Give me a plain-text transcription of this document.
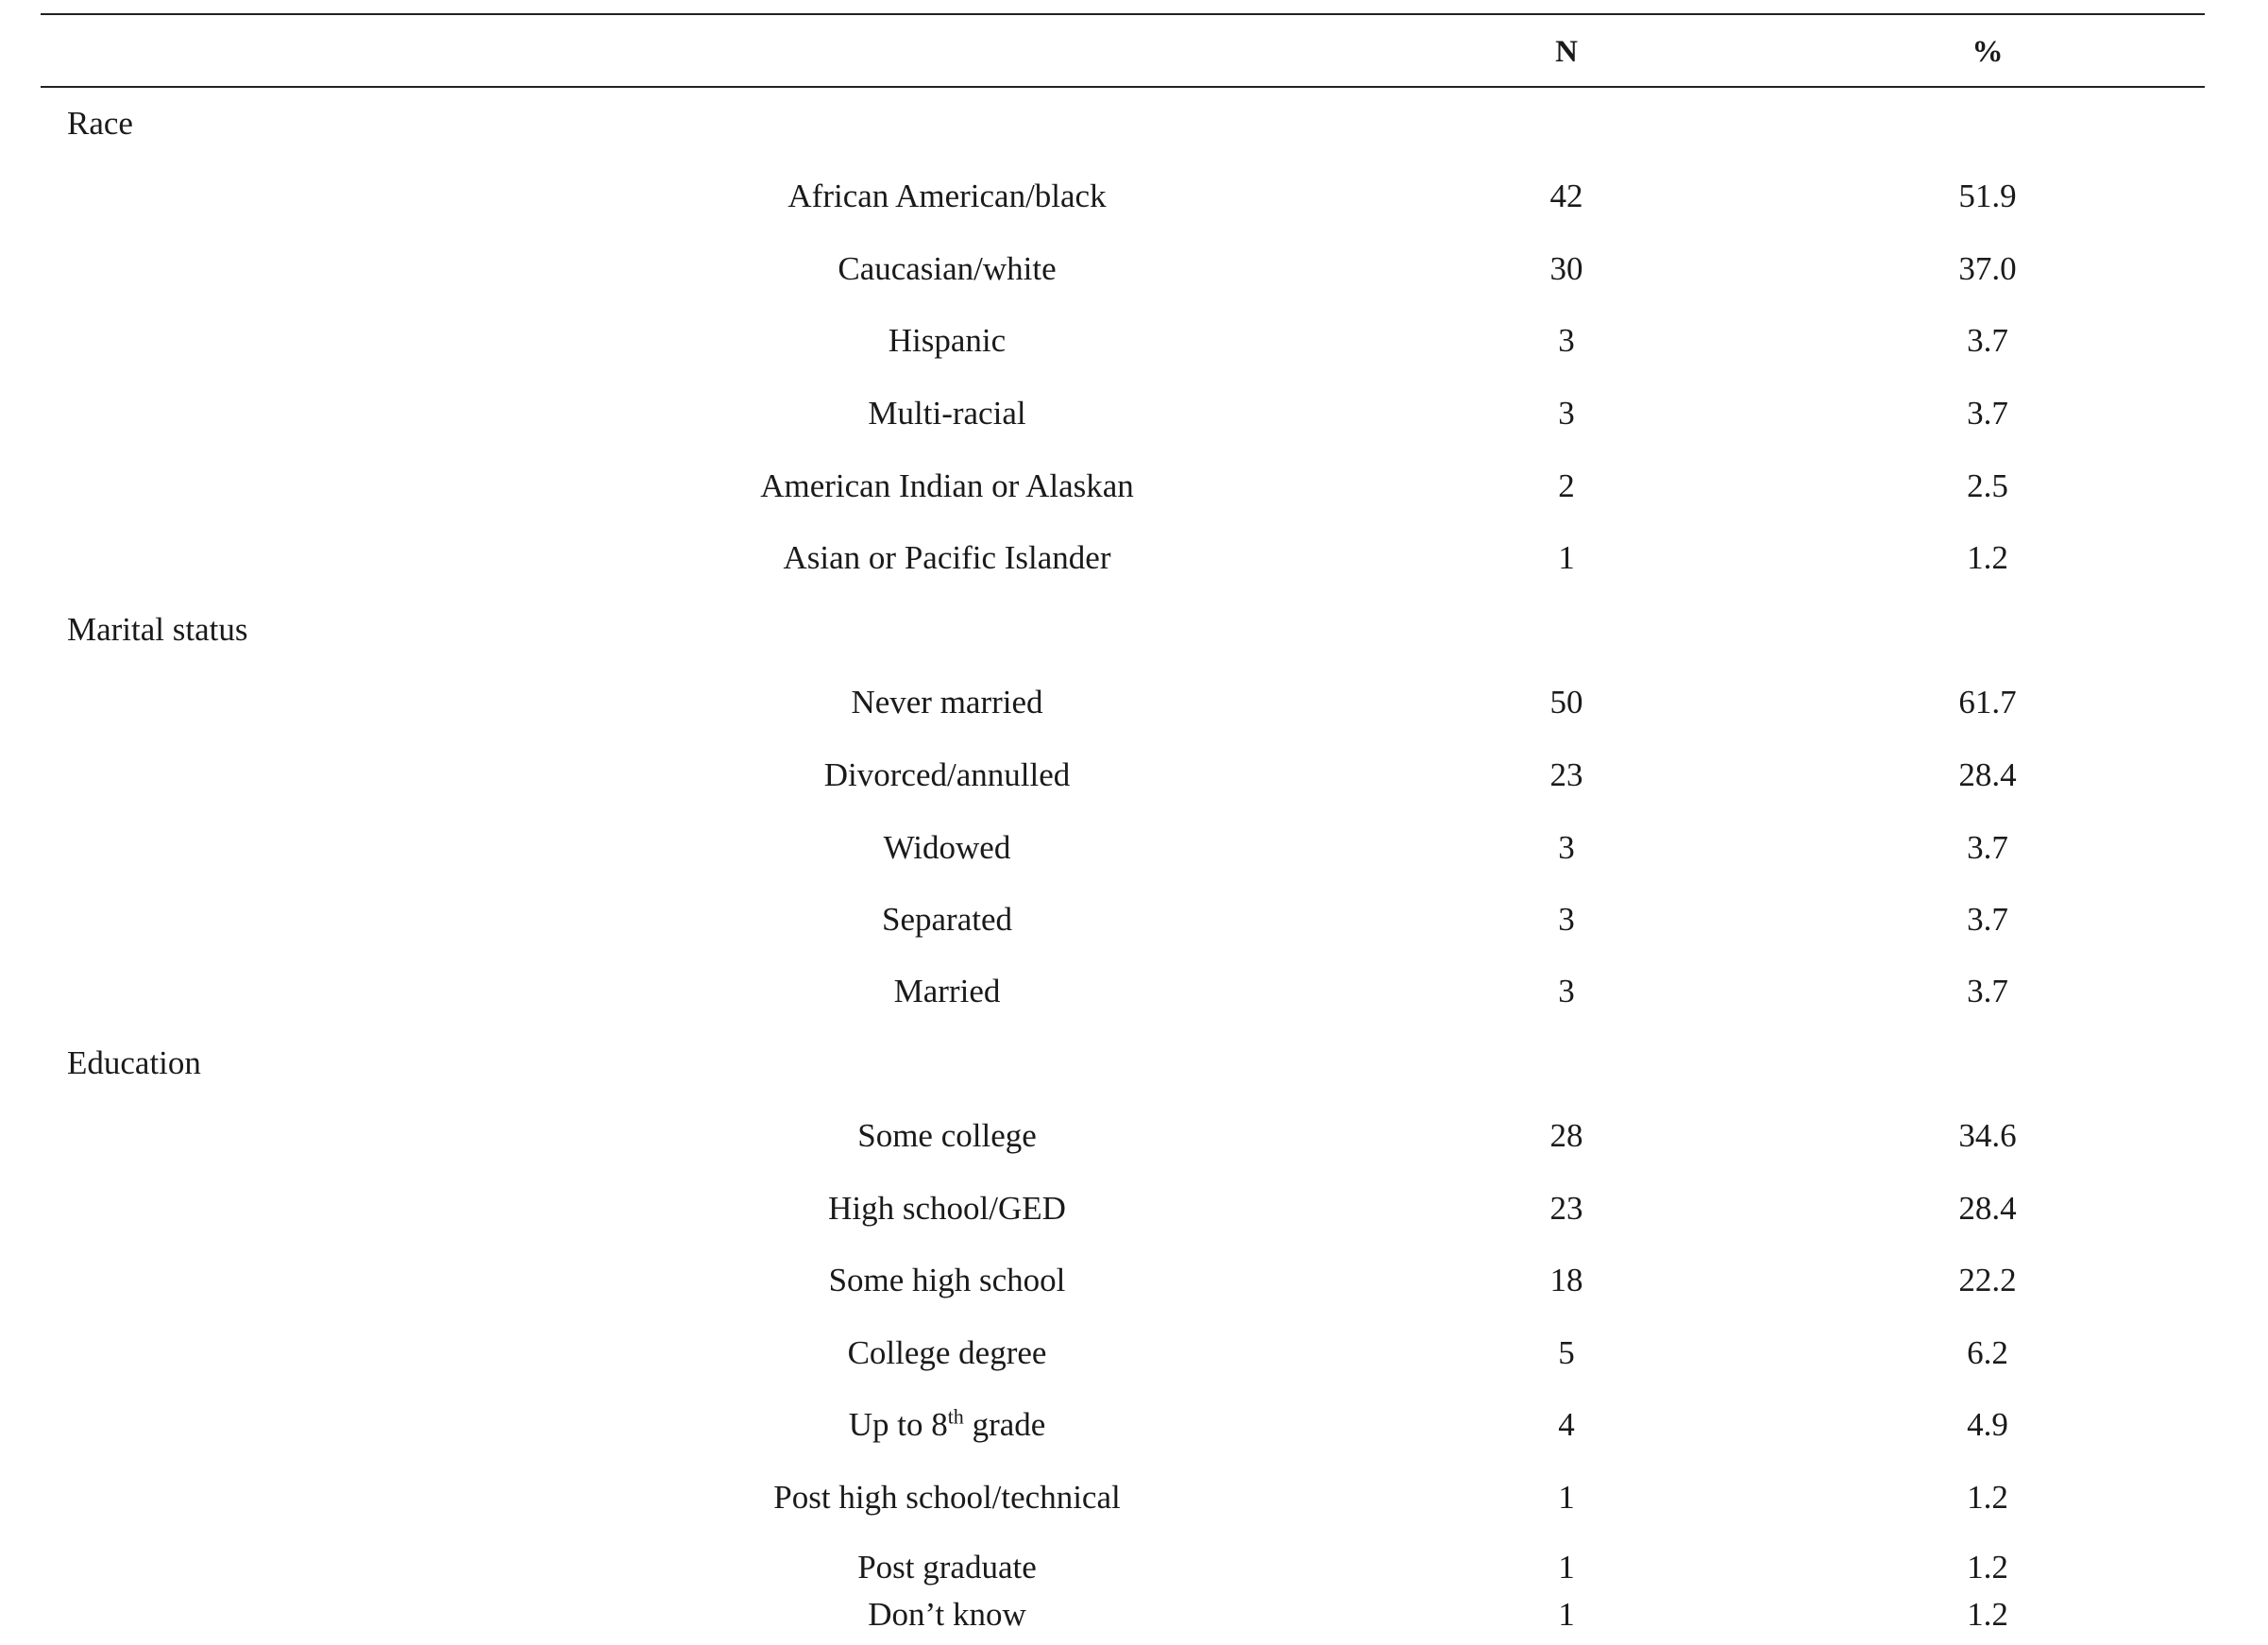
N	%
Race
African American/black	42	51.9
Caucasian/white	30	37.0
Hispanic	3	3.7
Multi-racial	3	3.7
American Indian or Alaskan	2	2.5
Asian or Pacific Islander	1	1.2
Marital status
Never married	50	61.7
Divorced/annulled	23	28.4
Widowed	3	3.7
Separated	3	3.7
Married	3	3.7
Education
Some college	28	34.6
High school/GED	23	28.4
Some high school	18	22.2
College degree	5	6.2
Up to 8th grade	4	4.9
Post high school/technical	1	1.2
Post graduate	1	1.2
Don’t know	1	1.2
